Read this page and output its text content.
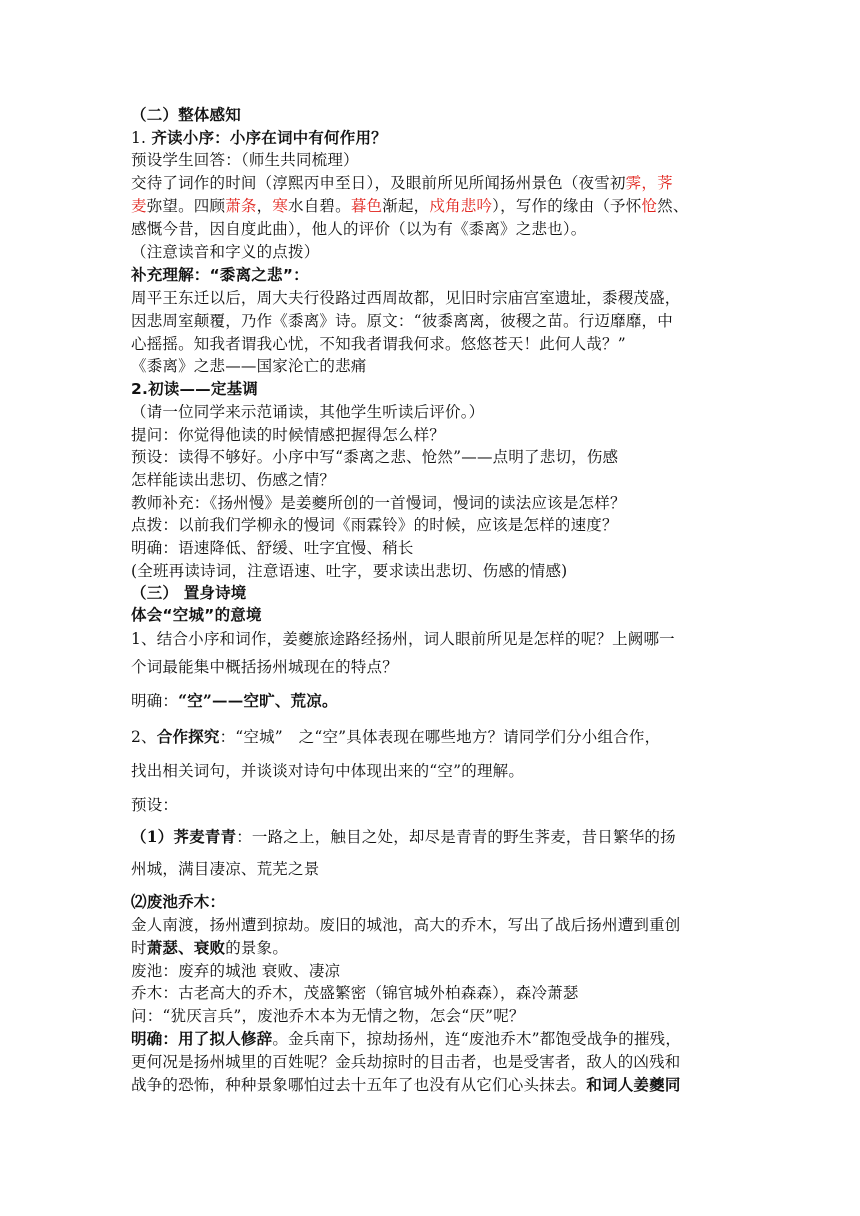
（二）整体感知
1. 齐读小序：小序在词中有何作用？
预设学生回答：（师生共同梳理）
交待了词作的时间（淳熙丙申至日），及眼前所见所闻扬州景色（夜雪初霁，荠
麦弥望。四顾萧条，寒水自碧。暮色渐起，戍角悲吟），写作的缘由（予怀怆然、
感慨今昔，因自度此曲），他人的评价（以为有《黍离》之悲也）。
（注意读音和字义的点拨）
补充理解：“黍离之悲”：
周平王东迁以后，周大夫行役路过西周故都，见旧时宗庙宫室遗址，黍稷茂盛，
因悲周室颠覆，乃作《黍离》诗。原文：“彼黍离离，彼稷之苗。行迈靡靡，中
心摇摇。知我者谓我心忧，不知我者谓我何求。悠悠苍天！此何人哉？”
《黍离》之悲——国家沦亡的悲痛
2.初读——定基调
（请一位同学来示范诵读，其他学生听读后评价。）
提问：你觉得他读的时候情感把握得怎么样？
预设：读得不够好。小序中写“黍离之悲、怆然”——点明了悲切，伤感
怎样能读出悲切、伤感之情？
教师补充：《扬州慢》是姜夔所创的一首慢词，慢词的读法应该是怎样？
点拨：以前我们学柳永的慢词《雨霖铃》的时候，应该是怎样的速度？
明确：语速降低、舒缓、吐字宜慢、稍长
(全班再读诗词，注意语速、吐字，要求读出悲切、伤感的情感)
（三） 置身诗境
体会“空城”的意境
1、结合小序和词作，姜夔旅途路经扬州，词人眼前所见是怎样的呢？上阙哪一
个词最能集中概括扬州城现在的特点？
明确：“空”——空旷、荒凉。
2、合作探究：“空城”　之“空”具体表现在哪些地方？请同学们分小组合作，
找出相关词句，并谈谈对诗句中体现出来的“空”的理解。
预设：
（1）荠麦青青：一路之上，触目之处，却尽是青青的野生荠麦，昔日繁华的扬
州城，满目凄凉、荒芜之景
⑵废池乔木：
金人南渡，扬州遭到掠劫。废旧的城池，高大的乔木，写出了战后扬州遭到重创
时萧瑟、衰败的景象。
废池：废弃的城池 衰败、凄凉
乔木：古老高大的乔木，茂盛繁密（锦官城外柏森森），森冷萧瑟
问：“犹厌言兵”，废池乔木本为无情之物，怎会“厌”呢？
明确：用了拟人修辞。金兵南下，掠劫扬州，连“废池乔木”都饱受战争的摧残，
更何况是扬州城里的百姓呢？金兵劫掠时的目击者，也是受害者，敌人的凶残和
战争的恐怖，种种景象哪怕过去十五年了也没有从它们心头抹去。和词人姜夔同
